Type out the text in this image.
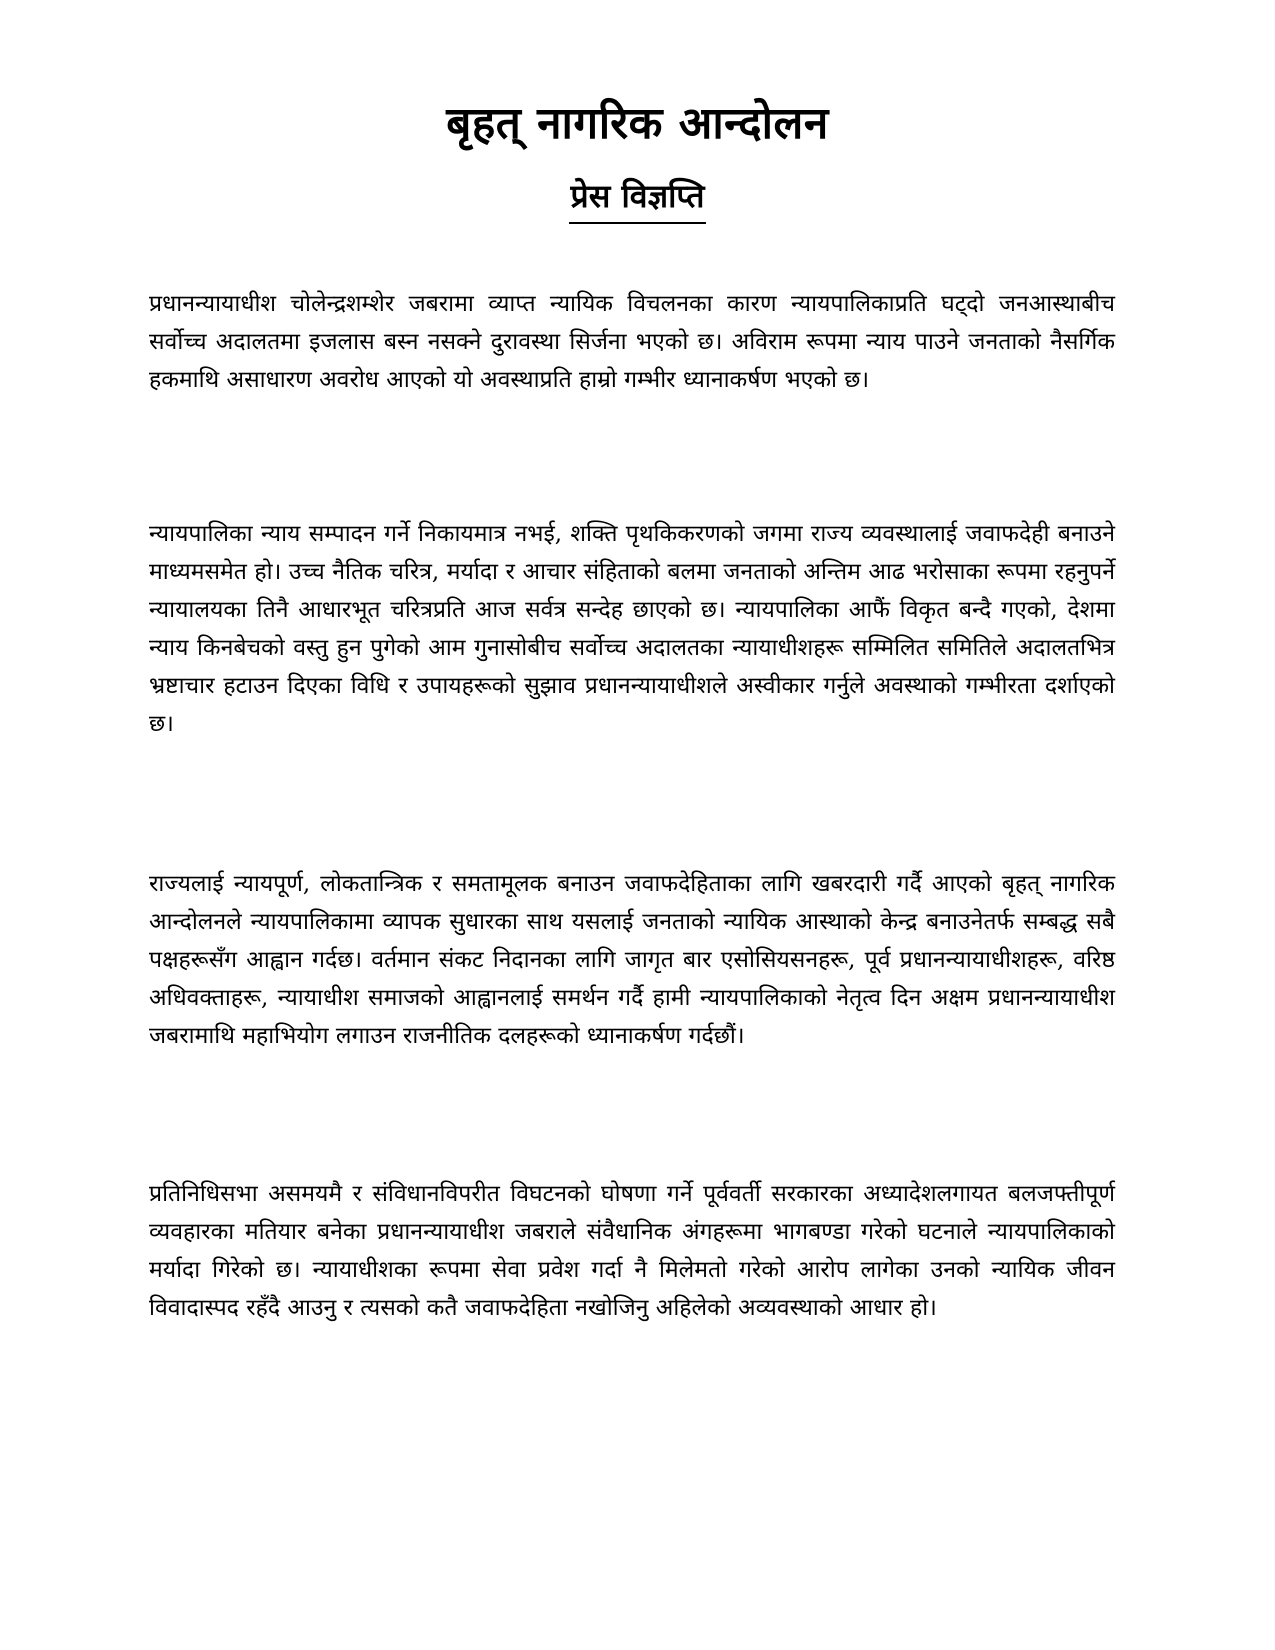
बृहत् नागरिक आन्दोलन
प्रेस विज्ञप्ति

प्रधानन्यायाधीश चोलेन्द्रशम्शेर जबरामा व्याप्त न्यायिक विचलनका कारण न्यायपालिकाप्रति घट्दो जनआस्थाबीच सर्वोच्च अदालतमा इजलास बस्न नसक्ने दुरावस्था सिर्जना भएको छ। अविराम रूपमा न्याय पाउने जनताको नैसर्गिक हकमाथि असाधारण अवरोध आएको यो अवस्थाप्रति हाम्रो गम्भीर ध्यानाकर्षण भएको छ।

न्यायपालिका न्याय सम्पादन गर्ने निकायमात्र नभई, शक्ति पृथकिकरणको जगमा राज्य व्यवस्थालाई जवाफदेही बनाउने माध्यमसमेत हो। उच्च नैतिक चरित्र, मर्यादा र आचार संहिताको बलमा जनताको अन्तिम आढ भरोसाका रूपमा रहनुपर्ने न्यायालयका तिनै आधारभूत चरित्रप्रति आज सर्वत्र सन्देह छाएको छ। न्यायपालिका आफैं विकृत बन्दै गएको, देशमा न्याय किनबेचको वस्तु हुन पुगेको आम गुनासोबीच सर्वोच्च अदालतका न्यायाधीशहरू सम्मिलित समितिले अदालतभित्र भ्रष्टाचार हटाउन दिएका विधि र उपायहरूको सुझाव प्रधानन्यायाधीशले अस्वीकार गर्नुले अवस्थाको गम्भीरता दर्शाएको छ।

राज्यलाई न्यायपूर्ण, लोकतान्त्रिक र समतामूलक बनाउन जवाफदेहिताका लागि खबरदारी गर्दै आएको बृहत् नागरिक आन्दोलनले न्यायपालिकामा व्यापक सुधारका साथ यसलाई जनताको न्यायिक आस्थाको केन्द्र बनाउनेतर्फ सम्बद्ध सबै पक्षहरूसँग आह्वान गर्दछ। वर्तमान संकट निदानका लागि जागृत बार एसोसियसनहरू, पूर्व प्रधानन्यायाधीशहरू, वरिष्ठ अधिवक्ताहरू, न्यायाधीश समाजको आह्वानलाई समर्थन गर्दै हामी न्यायपालिकाको नेतृत्व दिन अक्षम प्रधानन्यायाधीश जबरामाथि महाभियोग लगाउन राजनीतिक दलहरूको ध्यानाकर्षण गर्दछौं।

प्रतिनिधिसभा असमयमै र संविधानविपरीत विघटनको घोषणा गर्ने पूर्ववर्ती सरकारका अध्यादेशलगायत बलजफ्तीपूर्ण व्यवहारका मतियार बनेका प्रधानन्यायाधीश जबराले संवैधानिक अंगहरूमा भागबण्डा गरेको घटनाले न्यायपालिकाको मर्यादा गिरेको छ। न्यायाधीशका रूपमा सेवा प्रवेश गर्दा नै मिलेमतो गरेको आरोप लागेका उनको न्यायिक जीवन विवादास्पद रहँदै आउनु र त्यसको कतै जवाफदेहिता नखोजिनु अहिलेको अव्यवस्थाको आधार हो।
